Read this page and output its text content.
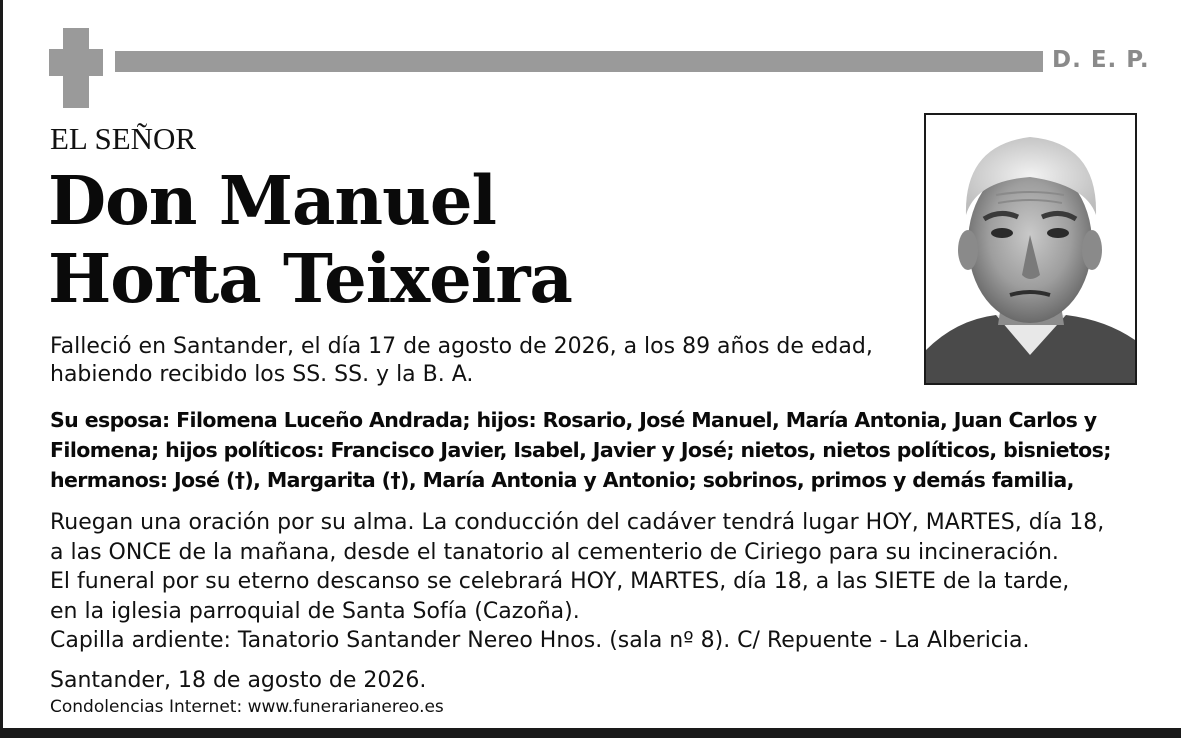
D. E. P.
EL SEÑOR
Don Manuel
Horta Teixeira
Falleció en Santander, el día 17 de agosto de 2026, a los 89 años de edad,
habiendo recibido los SS. SS. y la B. A.
Su esposa: Filomena Luceño Andrada; hijos: Rosario, José Manuel, María Antonia, Juan Carlos y
Filomena; hijos políticos: Francisco Javier, Isabel, Javier y José; nietos, nietos políticos, bisnietos;
hermanos: José (†), Margarita (†), María Antonia y Antonio; sobrinos, primos y demás familia,
Ruegan una oración por su alma. La conducción del cadáver tendrá lugar HOY, MARTES, día 18,
a las ONCE de la mañana, desde el tanatorio al cementerio de Ciriego para su incineración.
El funeral por su eterno descanso se celebrará HOY, MARTES, día 18, a las SIETE de la tarde,
en la iglesia parroquial de Santa Sofía (Cazoña).
Capilla ardiente: Tanatorio Santander Nereo Hnos. (sala nº 8). C/ Repuente - La Albericia.
Santander, 18 de agosto de 2026.
Condolencias Internet: www.funerarianereo.es
